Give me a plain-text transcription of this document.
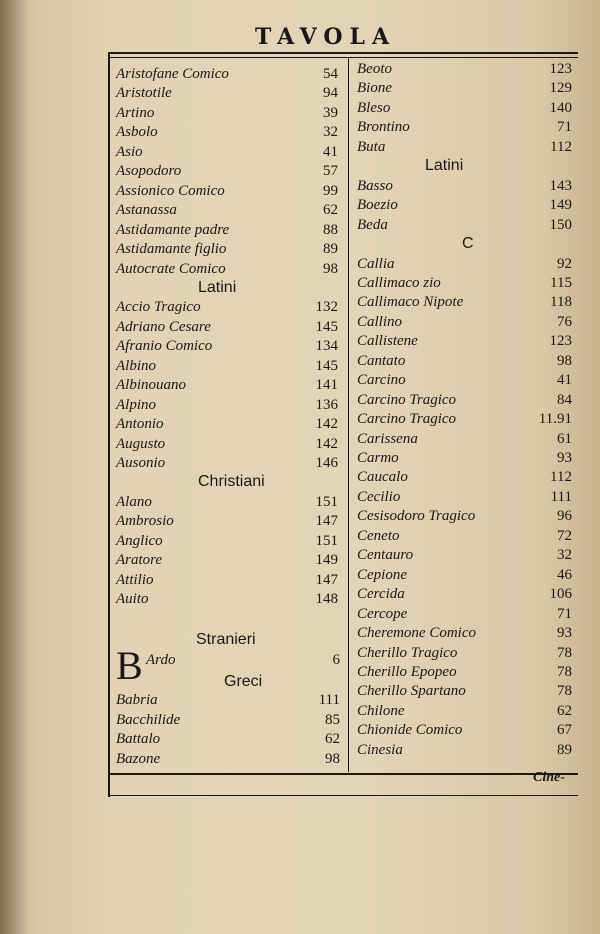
TAVOLA
Aristofane Comico	54
Aristotile	94
Artino	39
Asbolo	32
Asio	41
Asopodoro	57
Assionico Comico	99
Astanassa	62
Astidamante padre	88
Astidamante figlio	89
Autocrate Comico	98
Latini
Accio Tragico	132
Adriano Cesare	145
Afranio Comico	134
Albino	145
Albinouano	141
Alpino	136
Antonio	142
Augusto	142
Ausonio	146
Christiani
Alano	151
Ambrosio	147
Anglico	151
Aratore	149
Attilio	147
Auito	148
Beoto	123
Bione	129
Bleso	140
Brontino	71
Buta	112
Latini
Basso	143
Boezio	149
Beda	150
C
Callia	92
Callimaco zio	115
Callimaco Nipote	118
Callino	76
Callistene	123
Cantato	98
Carcino	41
Carcino Tragico	84
Carcino Tragico	11.91
Carissena	61
Carmo	93
Caucalo	112
Cecilio	111
Cesisodoro Tragico	96
Ceneto	72
Centauro	32
Cepione	46
Cercida	106
Cercope	71
Cheremone Comico	93
Cherillo Tragico	78
Cherillo Epopeo	78
Cherillo Spartano	78
Chilone	62
Chionide Comico	67
Cinesia	89
Stranieri
B Ardo	6
Greci
Babria	111
Bacchilide	85
Battalo	62
Bazone	98
Cine-
